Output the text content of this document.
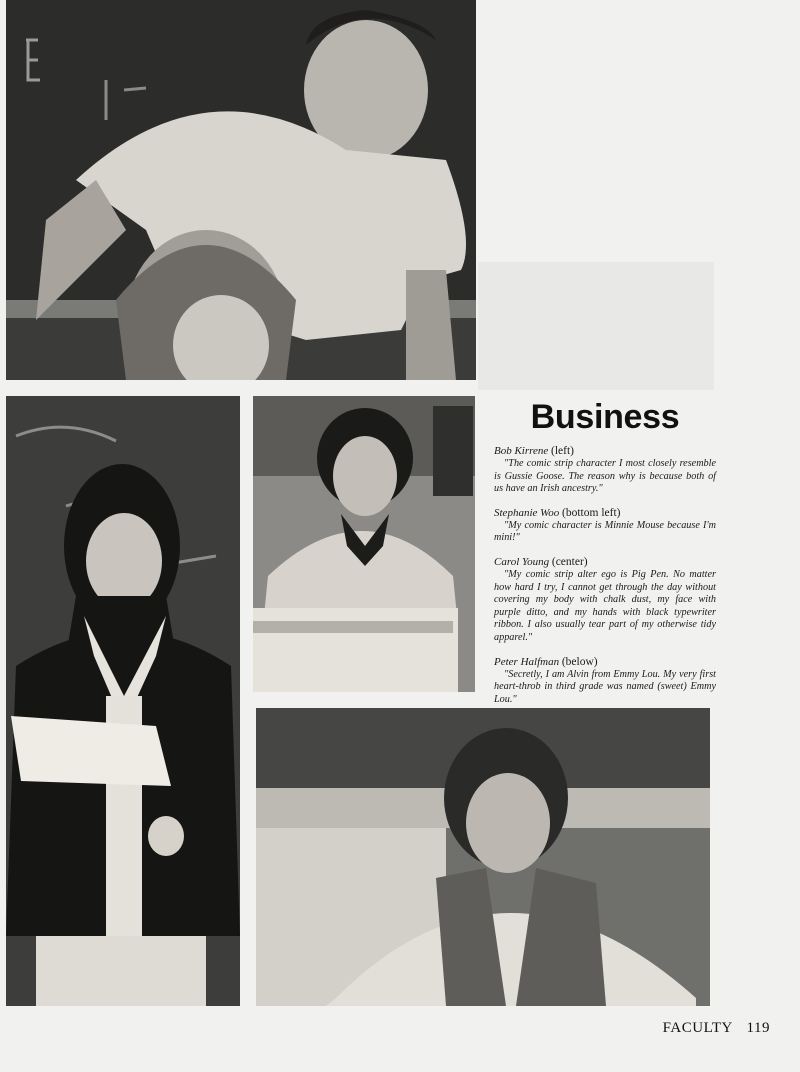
Business
Bob Kirrene (left)
"The comic strip character I most closely resemble is Gussie Goose. The reason why is because both of us have an Irish ancestry."
Stephanie Woo (bottom left)
"My comic character is Minnie Mouse because I'm mini!"
Carol Young (center)
"My comic strip alter ego is Pig Pen. No matter how hard I try, I cannot get through the day without covering my body with chalk dust, my face with purple ditto, and my hands with black typewriter ribbon. I also usually tear part of my otherwise tidy apparel."
Peter Halfman (below)
"Secretly, I am Alvin from Emmy Lou. My very first heart-throb in third grade was named (sweet) Emmy Lou."
FACULTY 119
